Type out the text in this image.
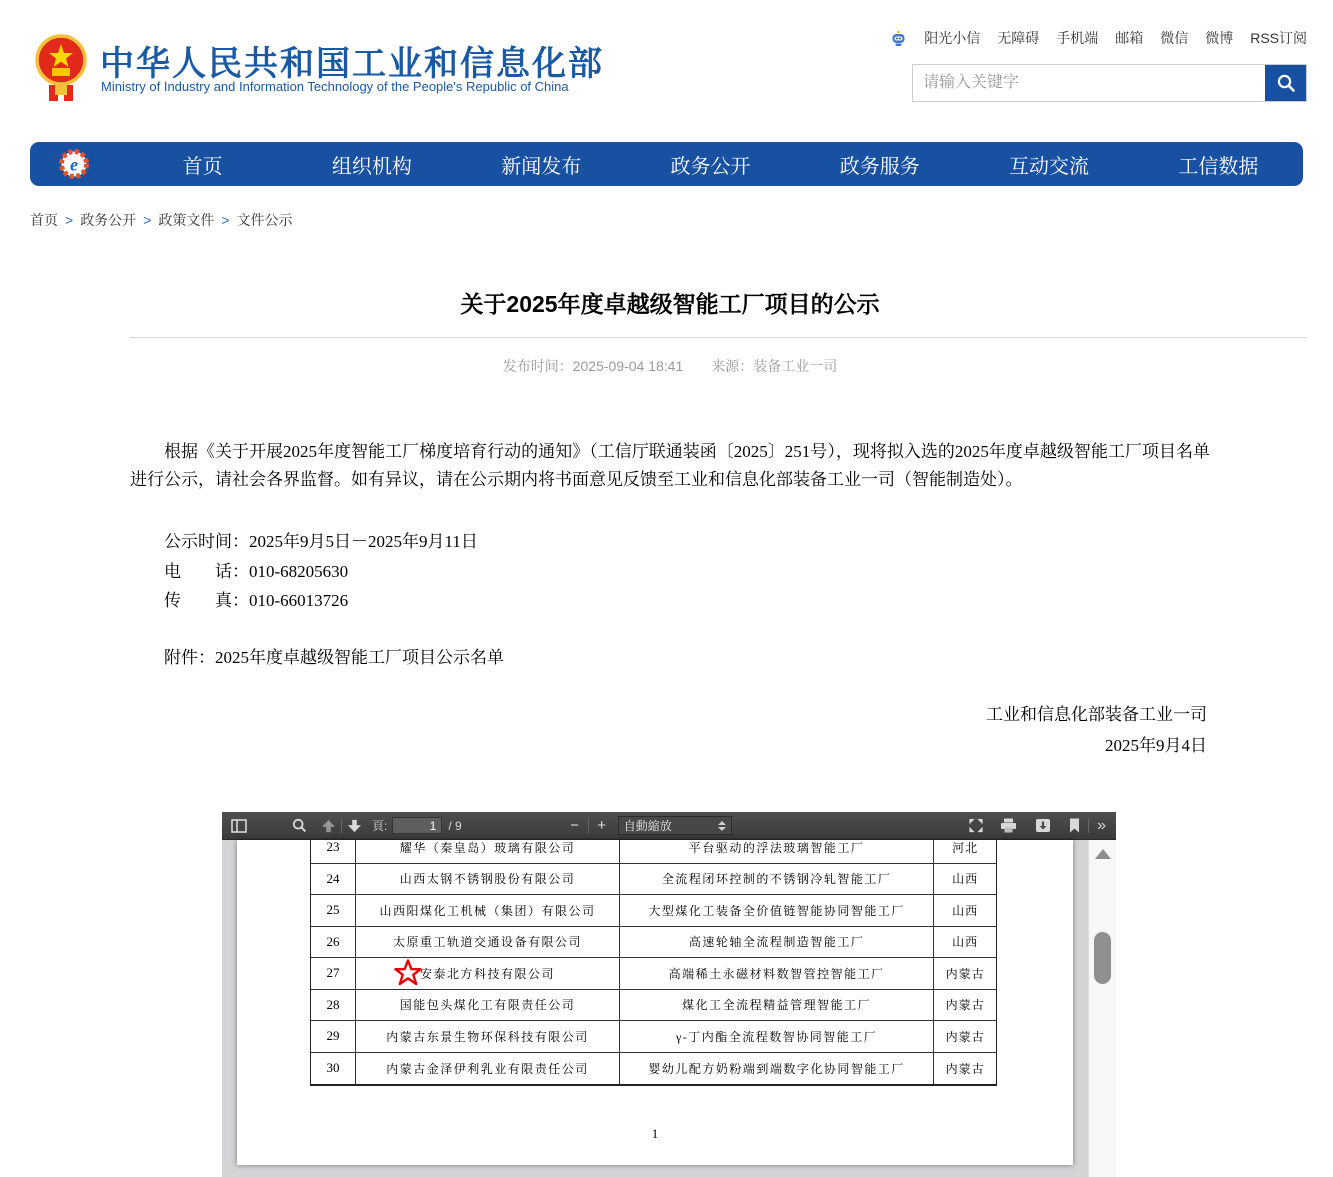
中华人民共和国工业和信息化部
Ministry of Industry and Information Technology of the People's Republic of China
阳光小信 无障碍 手机端 邮箱 微信 微博 RSS订阅
请输入关键字
e	首页	组织机构	新闻发布	政务公开	政务服务	互动交流	工信数据
首页 > 政务公开 > 政策文件 > 文件公示
关于2025年度卓越级智能工厂项目的公示
发布时间：2025-09-04 18:41　　来源：装备工业一司
根据《关于开展2025年度智能工厂梯度培育行动的通知》（工信厅联通装函〔2025〕251号），现将拟入选的2025年度卓越级智能工厂项目名单进行公示，请社会各界监督。如有异议，请在公示期内将书面意见反馈至工业和信息化部装备工业一司（智能制造处）。
公示时间：2025年9月5日－2025年9月11日
电　　话：010-68205630
传　　真：010-66013726
附件：2025年度卓越级智能工厂项目公示名单
工业和信息化部装备工业一司
2025年9月4日
頁:
1	/ 9	− +	自動縮放	»
23	耀华（秦皇岛）玻璃有限公司	平台驱动的浮法玻璃智能工厂	河北
24	山西太钢不锈钢股份有限公司	全流程闭环控制的不锈钢冷轧智能工厂	山西
25	山西阳煤化工机械（集团）有限公司	大型煤化工装备全价值链智能协同智能工厂	山西
26	太原重工轨道交通设备有限公司	高速轮轴全流程制造智能工厂	山西
27	安泰北方科技有限公司	高端稀土永磁材料数智管控智能工厂	内蒙古
28	国能包头煤化工有限责任公司	煤化工全流程精益管理智能工厂	内蒙古
29	内蒙古东景生物环保科技有限公司	γ-丁内酯全流程数智协同智能工厂	内蒙古
30	内蒙古金泽伊利乳业有限责任公司	婴幼儿配方奶粉端到端数字化协同智能工厂	内蒙古
1
